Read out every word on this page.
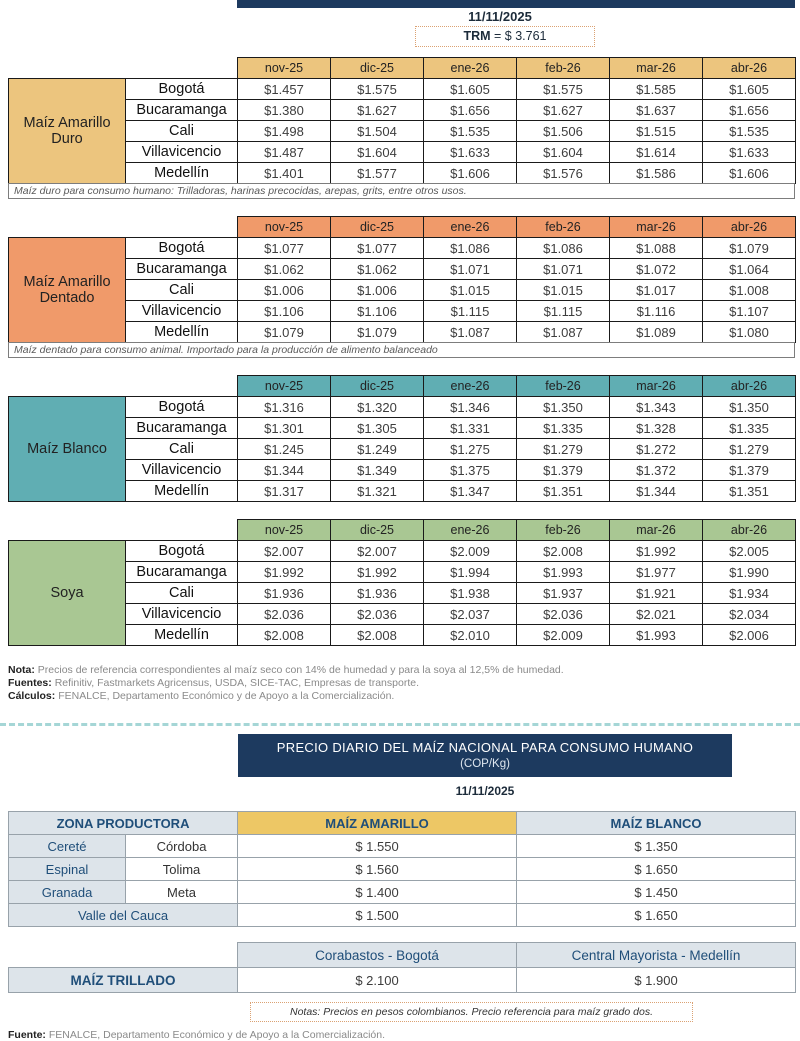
11/11/2025
TRM = $ 3.761
		nov-25	dic-25	ene-26	feb-26	mar-26	abr-26
Maíz Amarillo Duro	Bogotá	$1.457	$1.575	$1.605	$1.575	$1.585	$1.605
	Bucaramanga	$1.380	$1.627	$1.656	$1.627	$1.637	$1.656
	Cali	$1.498	$1.504	$1.535	$1.506	$1.515	$1.535
	Villavicencio	$1.487	$1.604	$1.633	$1.604	$1.614	$1.633
	Medellín	$1.401	$1.577	$1.606	$1.576	$1.586	$1.606
Maíz duro para consumo humano: Trilladoras, harinas precocidas, arepas, grits, entre otros usos.
		nov-25	dic-25	ene-26	feb-26	mar-26	abr-26
Maíz Amarillo Dentado	Bogotá	$1.077	$1.077	$1.086	$1.086	$1.088	$1.079
	Bucaramanga	$1.062	$1.062	$1.071	$1.071	$1.072	$1.064
	Cali	$1.006	$1.006	$1.015	$1.015	$1.017	$1.008
	Villavicencio	$1.106	$1.106	$1.115	$1.115	$1.116	$1.107
	Medellín	$1.079	$1.079	$1.087	$1.087	$1.089	$1.080
Maíz dentado para consumo animal. Importado para la producción de alimento balanceado
		nov-25	dic-25	ene-26	feb-26	mar-26	abr-26
Maíz Blanco	Bogotá	$1.316	$1.320	$1.346	$1.350	$1.343	$1.350
	Bucaramanga	$1.301	$1.305	$1.331	$1.335	$1.328	$1.335
	Cali	$1.245	$1.249	$1.275	$1.279	$1.272	$1.279
	Villavicencio	$1.344	$1.349	$1.375	$1.379	$1.372	$1.379
	Medellín	$1.317	$1.321	$1.347	$1.351	$1.344	$1.351
		nov-25	dic-25	ene-26	feb-26	mar-26	abr-26
Soya	Bogotá	$2.007	$2.007	$2.009	$2.008	$1.992	$2.005
	Bucaramanga	$1.992	$1.992	$1.994	$1.993	$1.977	$1.990
	Cali	$1.936	$1.936	$1.938	$1.937	$1.921	$1.934
	Villavicencio	$2.036	$2.036	$2.037	$2.036	$2.021	$2.034
	Medellín	$2.008	$2.008	$2.010	$2.009	$1.993	$2.006
Nota: Precios de referencia correspondientes al maíz seco con 14% de humedad y para la soya al 12,5% de humedad.
Fuentes: Refinitiv, Fastmarkets Agricensus, USDA, SICE-TAC, Empresas de transporte.
Cálculos: FENALCE, Departamento Económico y de Apoyo a la Comercialización.
PRECIO DIARIO DEL MAÍZ NACIONAL PARA CONSUMO HUMANO
(COP/Kg)
11/11/2025
ZONA PRODUCTORA		MAÍZ AMARILLO	MAÍZ BLANCO
Cereté	Córdoba	$ 1.550	$ 1.350
Espinal	Tolima	$ 1.560	$ 1.650
Granada	Meta	$ 1.400	$ 1.450
Valle del Cauca		$ 1.500	$ 1.650
	Corabastos - Bogotá	Central Mayorista - Medellín
MAÍZ TRILLADO	$ 2.100	$ 1.900
Notas: Precios en pesos colombianos. Precio referencia para maíz grado dos.
Fuente: FENALCE, Departamento Económico y de Apoyo a la Comercialización.
